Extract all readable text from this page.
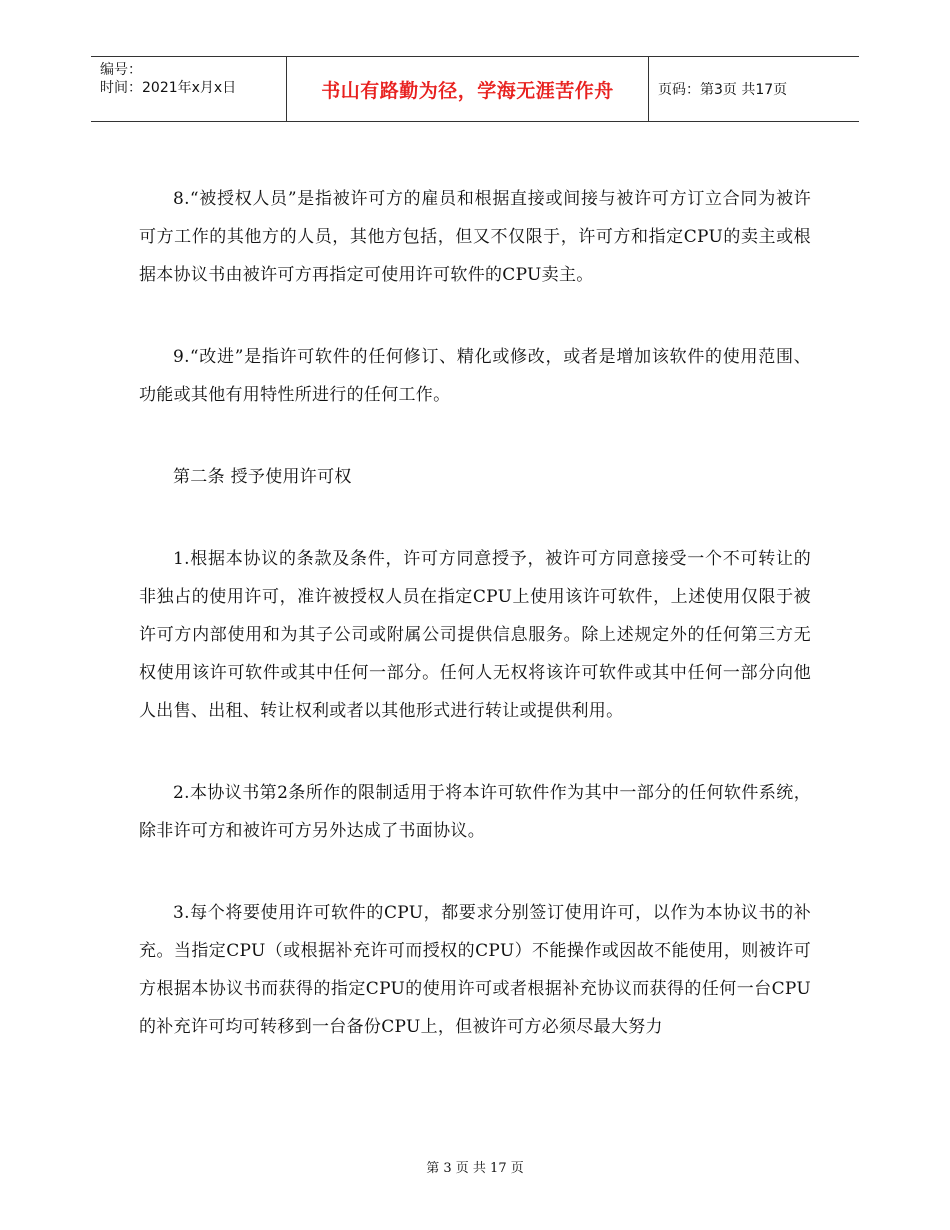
编号：
时间：2021年x月x日	书山有路勤为径，学海无涯苦作舟	页码：第3页 共17页

8.“被授权人员”是指被许可方的雇员和根据直接或间接与被许可方订立合同为被许可方工作的其他方的人员，其他方包括，但又不仅限于，许可方和指定CPU的卖主或根据本协议书由被许可方再指定可使用许可软件的CPU卖主。

9.“改进”是指许可软件的任何修订、精化或修改，或者是增加该软件的使用范围、功能或其他有用特性所进行的任何工作。

第二条 授予使用许可权

1.根据本协议的条款及条件，许可方同意授予，被许可方同意接受一个不可转让的非独占的使用许可，准许被授权人员在指定CPU上使用该许可软件，上述使用仅限于被许可方内部使用和为其子公司或附属公司提供信息服务。除上述规定外的任何第三方无权使用该许可软件或其中任何一部分。任何人无权将该许可软件或其中任何一部分向他人出售、出租、转让权利或者以其他形式进行转让或提供利用。

2.本协议书第2条所作的限制适用于将本许可软件作为其中一部分的任何软件系统，除非许可方和被许可方另外达成了书面协议。

3.每个将要使用许可软件的CPU，都要求分别签订使用许可，以作为本协议书的补充。当指定CPU（或根据补充许可而授权的CPU）不能操作或因故不能使用，则被许可方根据本协议书而获得的指定CPU的使用许可或者根据补充协议而获得的任何一台CPU的补充许可均可转移到一台备份CPU上，但被许可方必须尽最大努力

第 3 页 共 17 页
